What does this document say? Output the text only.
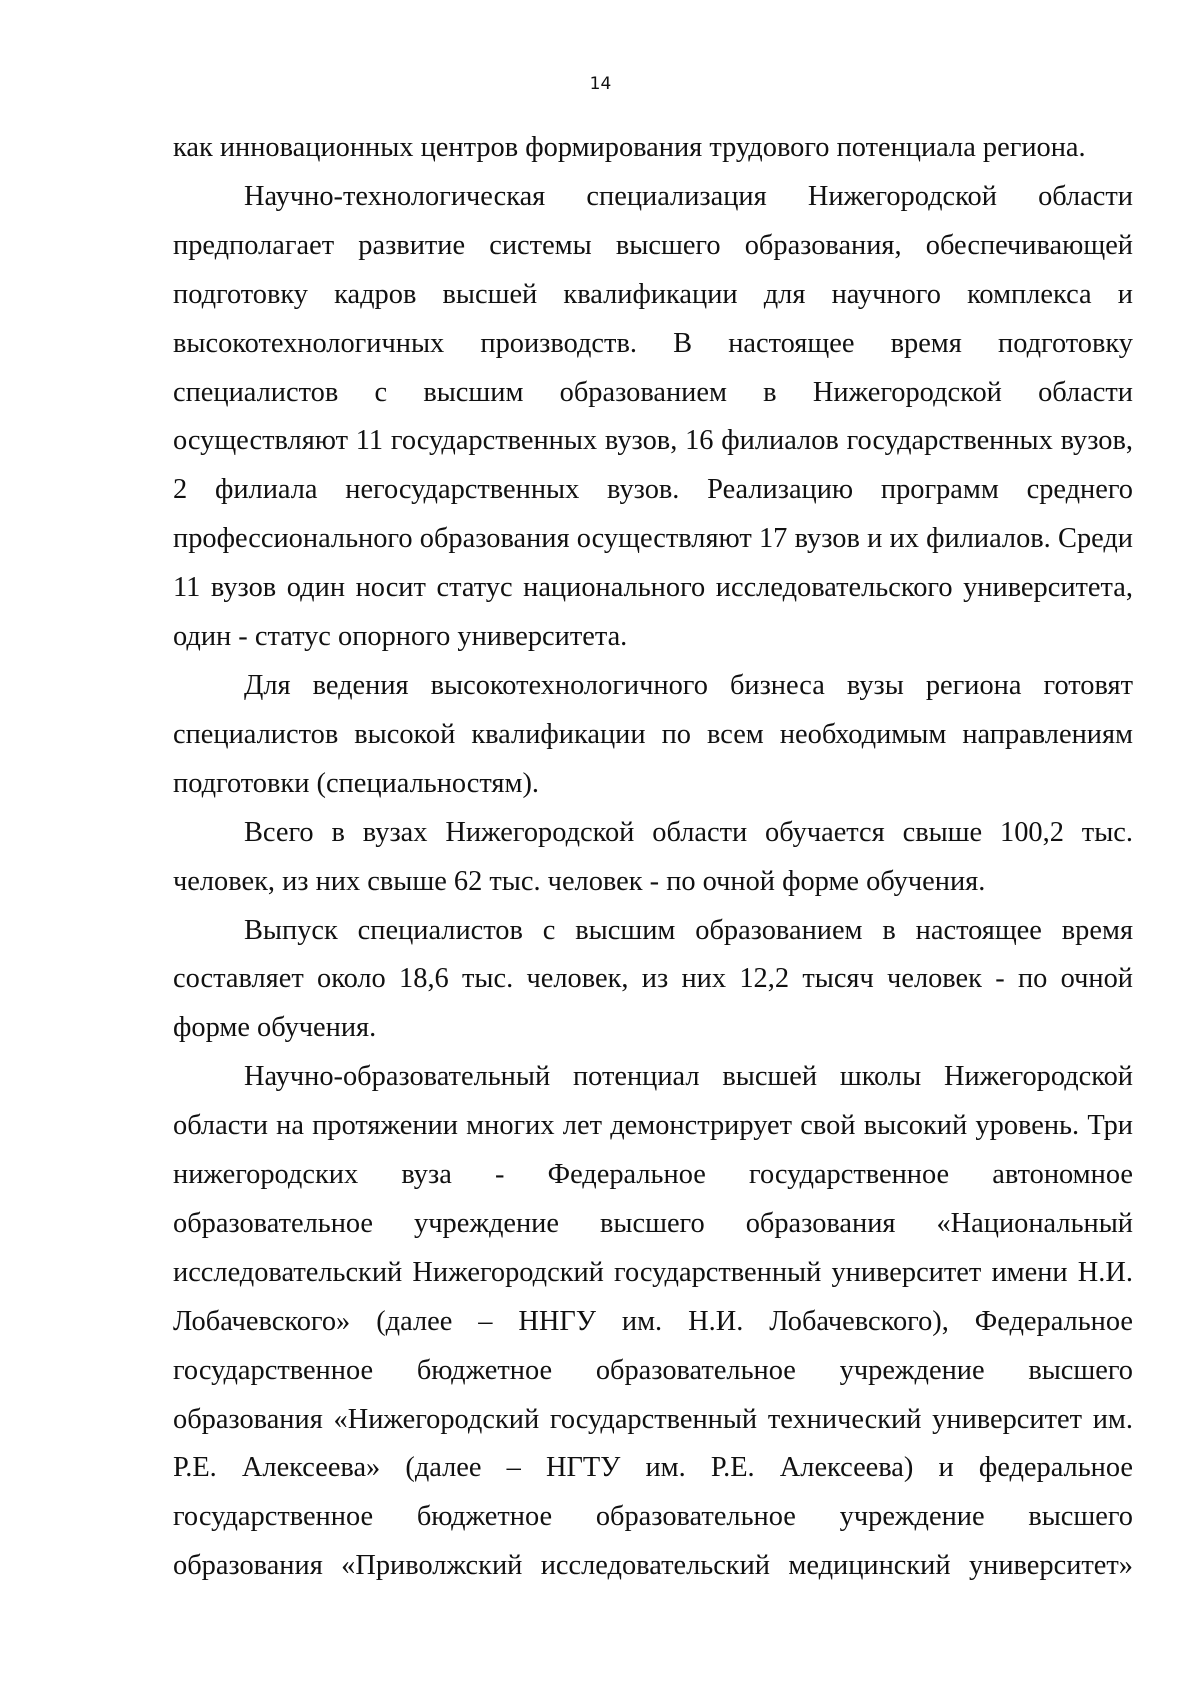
14

как инновационных центров формирования трудового потенциала региона.

Научно-технологическая специализация Нижегородской области предполагает развитие системы высшего образования, обеспечивающей подготовку кадров высшей квалификации для научного комплекса и высокотехнологичных производств. В настоящее время подготовку специалистов с высшим образованием в Нижегородской области осуществляют 11 государственных вузов, 16 филиалов государственных вузов, 2 филиала негосударственных вузов. Реализацию программ среднего профессионального образования осуществляют 17 вузов и их филиалов. Среди 11 вузов один носит статус национального исследовательского университета, один - статус опорного университета.

Для ведения высокотехнологичного бизнеса вузы региона готовят специалистов высокой квалификации по всем необходимым направлениям подготовки (специальностям).

Всего в вузах Нижегородской области обучается свыше 100,2 тыс. человек, из них свыше 62 тыс. человек - по очной форме обучения.

Выпуск специалистов с высшим образованием в настоящее время составляет около 18,6 тыс. человек, из них 12,2 тысяч человек - по очной форме обучения.

Научно-образовательный потенциал высшей школы Нижегородской области на протяжении многих лет демонстрирует свой высокий уровень. Три нижегородских вуза - Федеральное государственное автономное образовательное учреждение высшего образования «Национальный исследовательский Нижегородский государственный университет имени Н.И. Лобачевского» (далее – ННГУ им. Н.И. Лобачевского), Федеральное государственное бюджетное образовательное учреждение высшего образования «Нижегородский государственный технический университет им. Р.Е. Алексеева» (далее – НГТУ им. Р.Е. Алексеева) и федеральное государственное бюджетное образовательное учреждение высшего образования «Приволжский исследовательский медицинский университет»
